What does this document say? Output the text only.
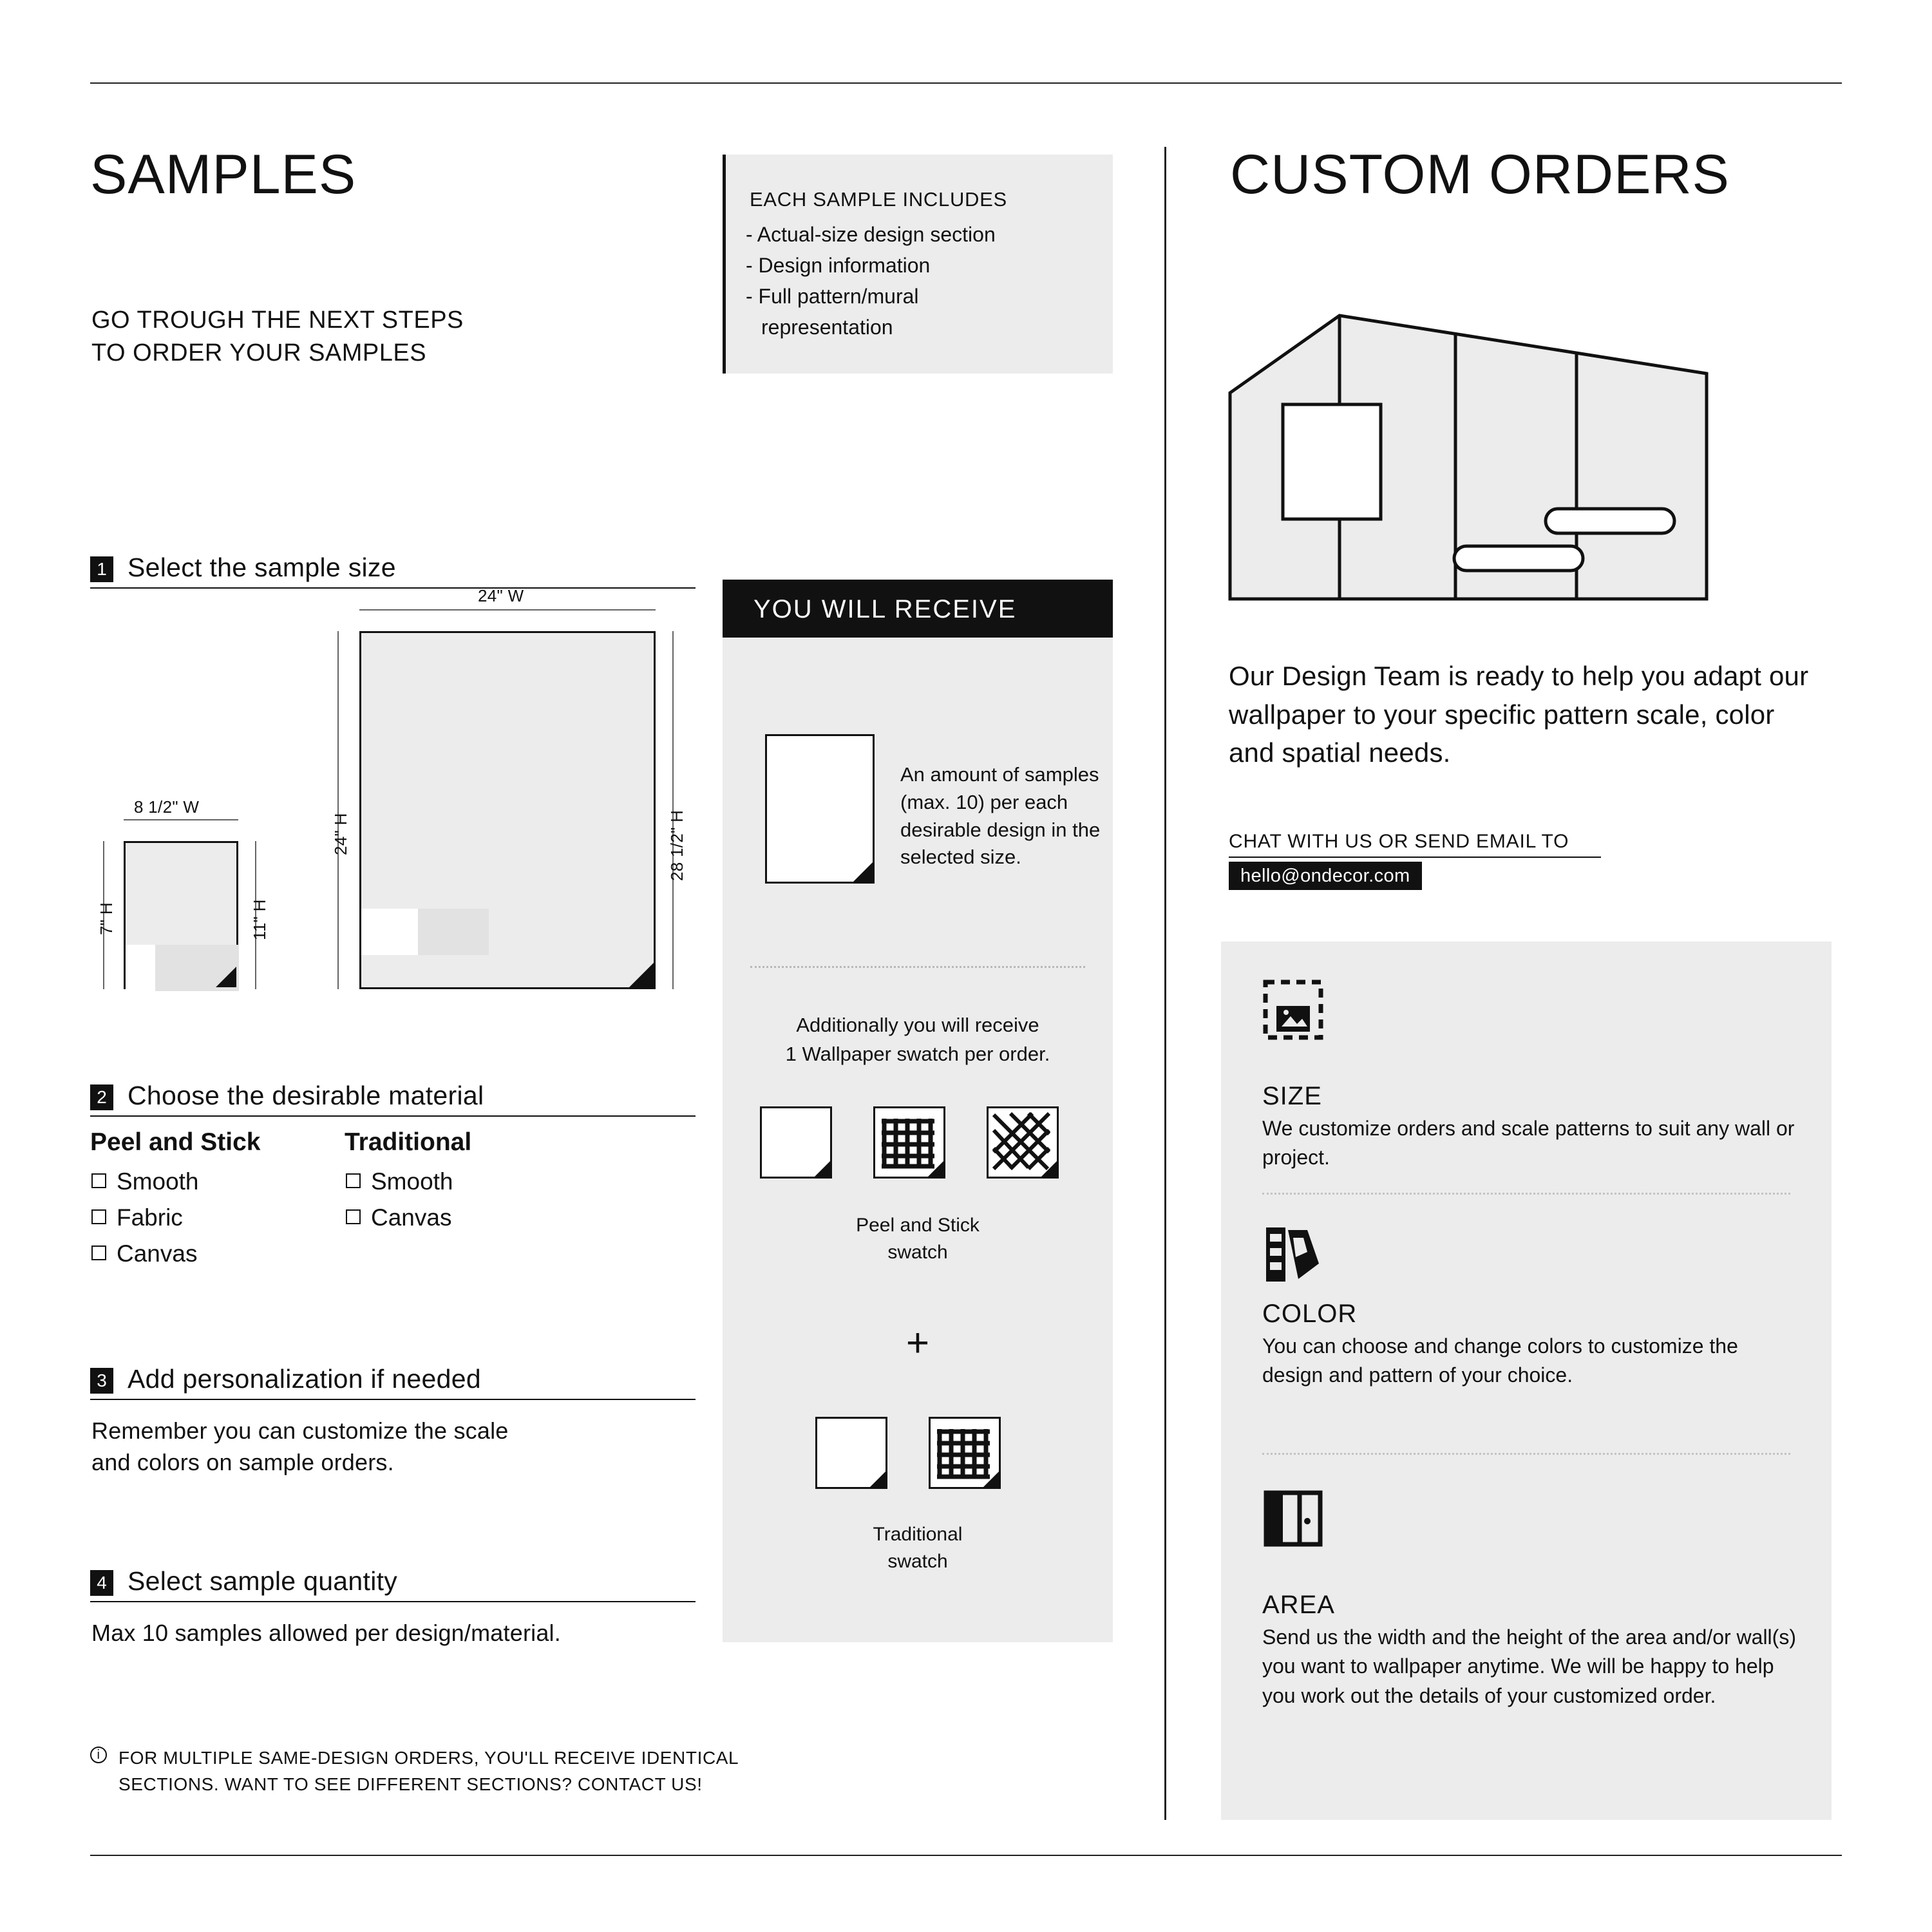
SAMPLES
GO TROUGH THE NEXT STEPS
TO ORDER YOUR SAMPLES
EACH SAMPLE INCLUDES
- Actual-size design section
- Design information
- Full pattern/mural
representation
1 Select the sample size
8 1/2" W
7" H	11" H
24" W
24" H	28 1/2" H
2 Choose the desirable material
Peel and Stick
Smooth
Fabric
Canvas
Traditional
Smooth
Canvas
3 Add personalization if needed
Remember you can customize the scale
and colors on sample orders.
4 Select sample quantity
Max 10 samples allowed per design/material.
i	FOR MULTIPLE SAME-DESIGN ORDERS, YOU'LL RECEIVE IDENTICAL
SECTIONS. WANT TO SEE DIFFERENT SECTIONS? CONTACT US!
YOU WILL RECEIVE
An amount of samples (max. 10) per each desirable design in the selected size.
Additionally you will receive
1 Wallpaper swatch per order.
Peel and Stick
swatch
+
Traditional
swatch
CUSTOM ORDERS
Our Design Team is ready to help you adapt our wallpaper to your specific pattern scale, color and spatial needs.
CHAT WITH US OR SEND EMAIL TO
hello@ondecor.com
SIZE
We customize orders and scale patterns to suit any wall or project.
COLOR
You can choose and change colors to customize the design and pattern of your choice.
AREA
Send us the width and the height of the area and/or wall(s) you want to wallpaper anytime. We will be happy to help you work out the details of your customized order.
